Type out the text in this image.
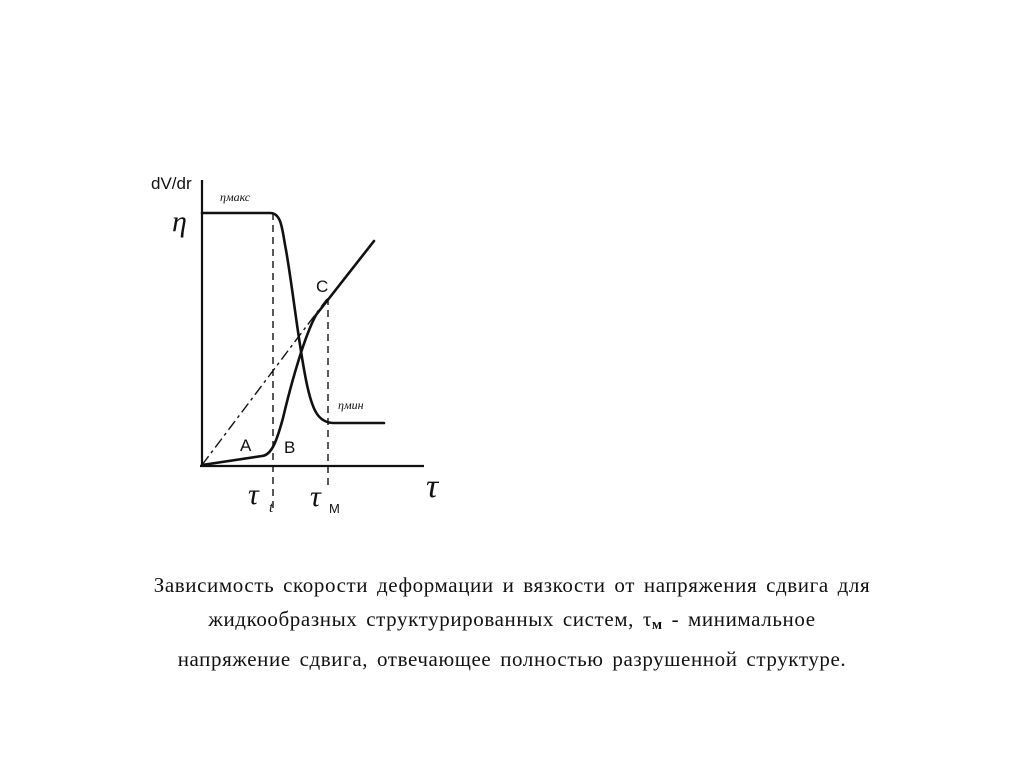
dV/dr
η
ηмакс
ηмин
A B
C
τ t τ M
τ
Зависимость скорости деформации и вязкости от напряжения сдвига для
жидкообразных структурированных систем, τм - минимальное
напряжение сдвига, отвечающее полностью разрушенной структуре.
